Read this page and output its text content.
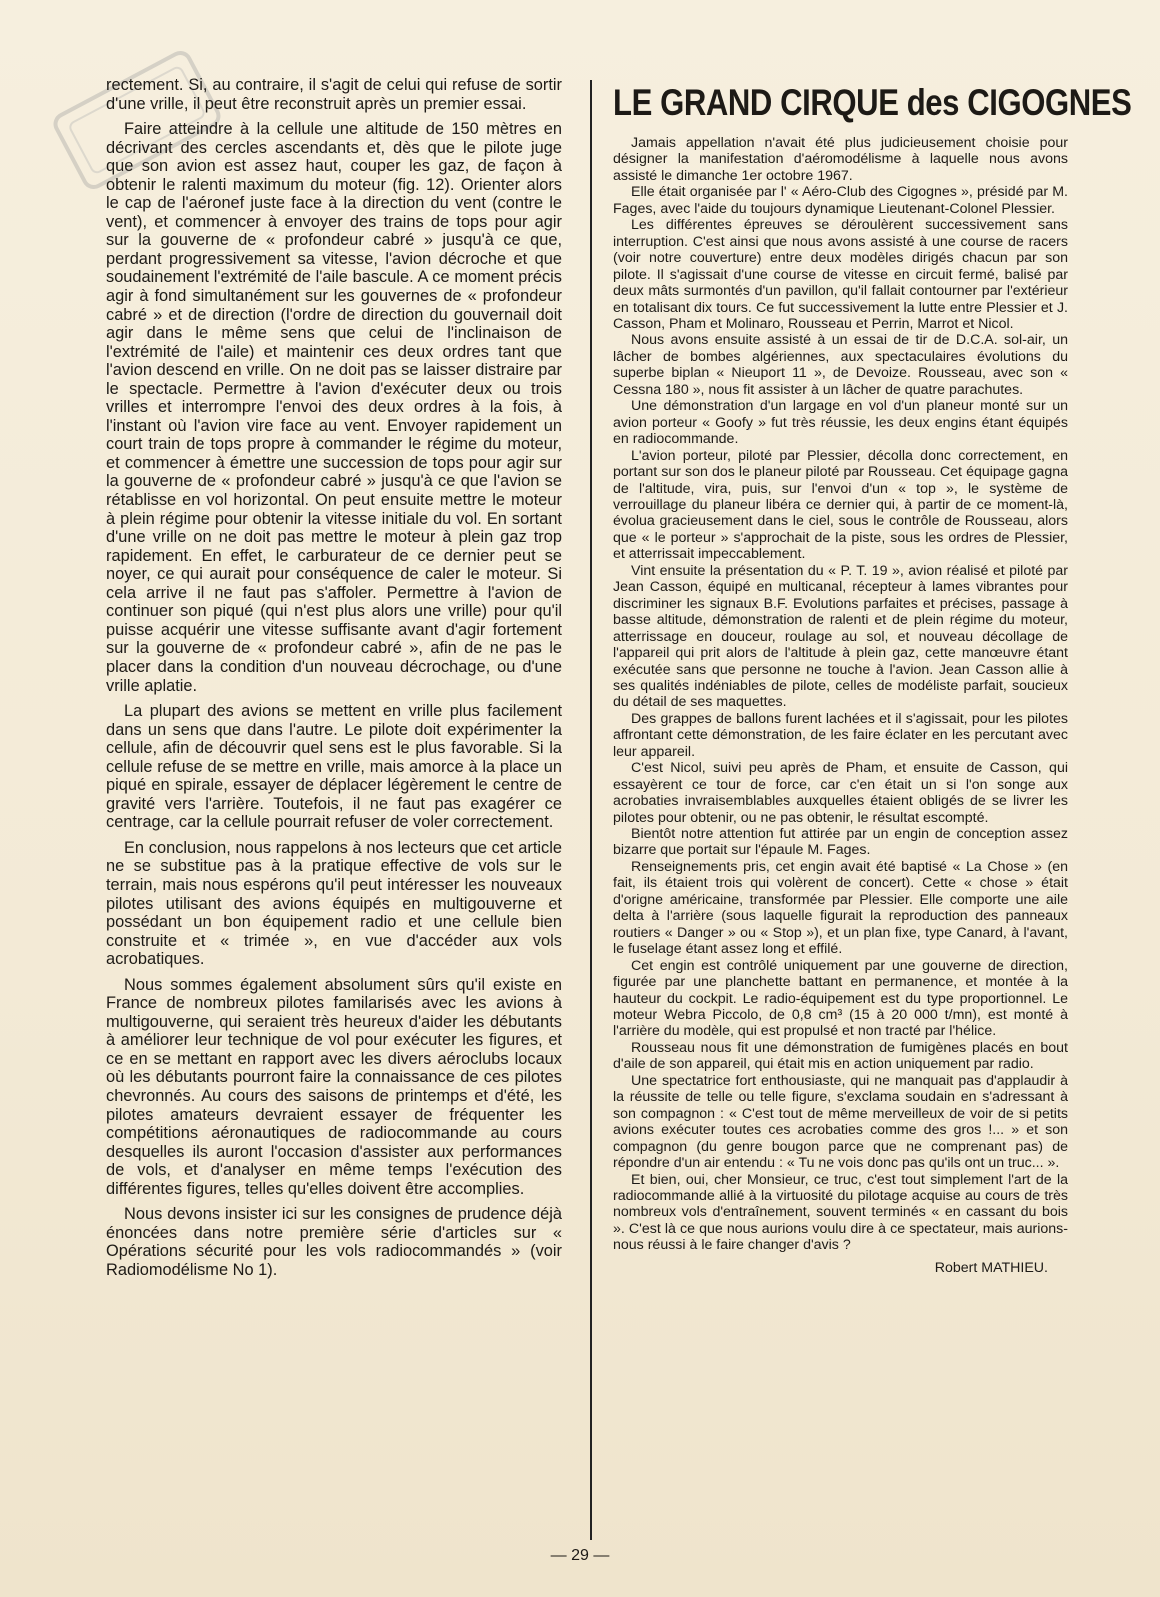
rectement. Si, au contraire, il s'agit de celui qui refuse de sortir d'une vrille, il peut être reconstruit après un premier essai.

Faire atteindre à la cellule une altitude de 150 mètres en décrivant des cercles ascendants et, dès que le pilote juge que son avion est assez haut, couper les gaz, de façon à obtenir le ralenti maximum du moteur (fig. 12). Orienter alors le cap de l'aéronef juste face à la direction du vent (contre le vent), et commencer à envoyer des trains de tops pour agir sur la gouverne de « profondeur cabré » jusqu'à ce que, perdant progressivement sa vitesse, l'avion décroche et que soudainement l'extrémité de l'aile bascule. A ce moment précis agir à fond simultanément sur les gouvernes de « profondeur cabré » et de direction (l'ordre de direction du gouvernail doit agir dans le même sens que celui de l'inclinaison de l'extrémité de l'aile) et maintenir ces deux ordres tant que l'avion descend en vrille. On ne doit pas se laisser distraire par le spectacle. Permettre à l'avion d'exécuter deux ou trois vrilles et interrompre l'envoi des deux ordres à la fois, à l'instant où l'avion vire face au vent. Envoyer rapidement un court train de tops propre à commander le régime du moteur, et commencer à émettre une succession de tops pour agir sur la gouverne de « profondeur cabré » jusqu'à ce que l'avion se rétablisse en vol horizontal. On peut ensuite mettre le moteur à plein régime pour obtenir la vitesse initiale du vol. En sortant d'une vrille on ne doit pas mettre le moteur à plein gaz trop rapidement. En effet, le carburateur de ce dernier peut se noyer, ce qui aurait pour conséquence de caler le moteur. Si cela arrive il ne faut pas s'affoler. Permettre à l'avion de continuer son piqué (qui n'est plus alors une vrille) pour qu'il puisse acquérir une vitesse suffisante avant d'agir fortement sur la gouverne de « profondeur cabré », afin de ne pas le placer dans la condition d'un nouveau décrochage, ou d'une vrille aplatie.

La plupart des avions se mettent en vrille plus facilement dans un sens que dans l'autre. Le pilote doit expérimenter la cellule, afin de découvrir quel sens est le plus favorable. Si la cellule refuse de se mettre en vrille, mais amorce à la place un piqué en spirale, essayer de déplacer légèrement le centre de gravité vers l'arrière. Toutefois, il ne faut pas exagérer ce centrage, car la cellule pourrait refuser de voler correctement.

En conclusion, nous rappelons à nos lecteurs que cet article ne se substitue pas à la pratique effective de vols sur le terrain, mais nous espérons qu'il peut intéresser les nouveaux pilotes utilisant des avions équipés en multigouverne et possédant un bon équipement radio et une cellule bien construite et « trimée », en vue d'accéder aux vols acrobatiques.

Nous sommes également absolument sûrs qu'il existe en France de nombreux pilotes familarisés avec les avions à multigouverne, qui seraient très heureux d'aider les débutants à améliorer leur technique de vol pour exécuter les figures, et ce en se mettant en rapport avec les divers aéroclubs locaux où les débutants pourront faire la connaissance de ces pilotes chevronnés. Au cours des saisons de printemps et d'été, les pilotes amateurs devraient essayer de fréquenter les compétitions aéronautiques de radiocommande au cours desquelles ils auront l'occasion d'assister aux performances de vols, et d'analyser en même temps l'exécution des différentes figures, telles qu'elles doivent être accomplies.

Nous devons insister ici sur les consignes de prudence déjà énoncées dans notre première série d'articles sur « Opérations sécurité pour les vols radiocommandés » (voir Radiomodélisme No 1).

LE GRAND CIRQUE des CIGOGNES

Jamais appellation n'avait été plus judicieusement choisie pour désigner la manifestation d'aéromodélisme à laquelle nous avons assisté le dimanche 1er octobre 1967.

Elle était organisée par l' « Aéro-Club des Cigognes », présidé par M. Fages, avec l'aide du toujours dynamique Lieutenant-Colonel Plessier.

Les différentes épreuves se déroulèrent successivement sans interruption. C'est ainsi que nous avons assisté à une course de racers (voir notre couverture) entre deux modèles dirigés chacun par son pilote. Il s'agissait d'une course de vitesse en circuit fermé, balisé par deux mâts surmontés d'un pavillon, qu'il fallait contourner par l'extérieur en totalisant dix tours. Ce fut successivement la lutte entre Plessier et J. Casson, Pham et Molinaro, Rousseau et Perrin, Marrot et Nicol.

Nous avons ensuite assisté à un essai de tir de D.C.A. sol-air, un lâcher de bombes algériennes, aux spectaculaires évolutions du superbe biplan « Nieuport 11 », de Devoize. Rousseau, avec son « Cessna 180 », nous fit assister à un lâcher de quatre parachutes.

Une démonstration d'un largage en vol d'un planeur monté sur un avion porteur « Goofy » fut très réussie, les deux engins étant équipés en radiocommande.

L'avion porteur, piloté par Plessier, décolla donc correctement, en portant sur son dos le planeur piloté par Rousseau. Cet équipage gagna de l'altitude, vira, puis, sur l'envoi d'un « top », le système de verrouillage du planeur libéra ce dernier qui, à partir de ce moment-là, évolua gracieusement dans le ciel, sous le contrôle de Rousseau, alors que « le porteur » s'approchait de la piste, sous les ordres de Plessier, et atterrissait impeccablement.

Vint ensuite la présentation du « P. T. 19 », avion réalisé et piloté par Jean Casson, équipé en multicanal, récepteur à lames vibrantes pour discriminer les signaux B.F. Evolutions parfaites et précises, passage à basse altitude, démonstration de ralenti et de plein régime du moteur, atterrissage en douceur, roulage au sol, et nouveau décollage de l'appareil qui prit alors de l'altitude à plein gaz, cette manœuvre étant exécutée sans que personne ne touche à l'avion. Jean Casson allie à ses qualités indéniables de pilote, celles de modéliste parfait, soucieux du détail de ses maquettes.

Des grappes de ballons furent lachées et il s'agissait, pour les pilotes affrontant cette démonstration, de les faire éclater en les percutant avec leur appareil.

C'est Nicol, suivi peu après de Pham, et ensuite de Casson, qui essayèrent ce tour de force, car c'en était un si l'on songe aux acrobaties invraisemblables auxquelles étaient obligés de se livrer les pilotes pour obtenir, ou ne pas obtenir, le résultat escompté.

Bientôt notre attention fut attirée par un engin de conception assez bizarre que portait sur l'épaule M. Fages.

Renseignements pris, cet engin avait été baptisé « La Chose » (en fait, ils étaient trois qui volèrent de concert). Cette « chose » était d'origne américaine, transformée par Plessier. Elle comporte une aile delta à l'arrière (sous laquelle figurait la reproduction des panneaux routiers « Danger » ou « Stop »), et un plan fixe, type Canard, à l'avant, le fuselage étant assez long et effilé.

Cet engin est contrôlé uniquement par une gouverne de direction, figurée par une planchette battant en permanence, et montée à la hauteur du cockpit. Le radio-équipement est du type proportionnel. Le moteur Webra Piccolo, de 0,8 cm³ (15 à 20 000 t/mn), est monté à l'arrière du modèle, qui est propulsé et non tracté par l'hélice.

Rousseau nous fit une démonstration de fumigènes placés en bout d'aile de son appareil, qui était mis en action uniquement par radio.

Une spectatrice fort enthousiaste, qui ne manquait pas d'applaudir à la réussite de telle ou telle figure, s'exclama soudain en s'adressant à son compagnon : « C'est tout de même merveilleux de voir de si petits avions exécuter toutes ces acrobaties comme des gros !... » et son compagnon (du genre bougon parce que ne comprenant pas) de répondre d'un air entendu : « Tu ne vois donc pas qu'ils ont un truc... ».

Et bien, oui, cher Monsieur, ce truc, c'est tout simplement l'art de la radiocommande allié à la virtuosité du pilotage acquise au cours de très nombreux vols d'entraînement, souvent terminés « en cassant du bois ». C'est là ce que nous aurions voulu dire à ce spectateur, mais aurions-nous réussi à le faire changer d'avis ?

Robert MATHIEU.
— 29 —
